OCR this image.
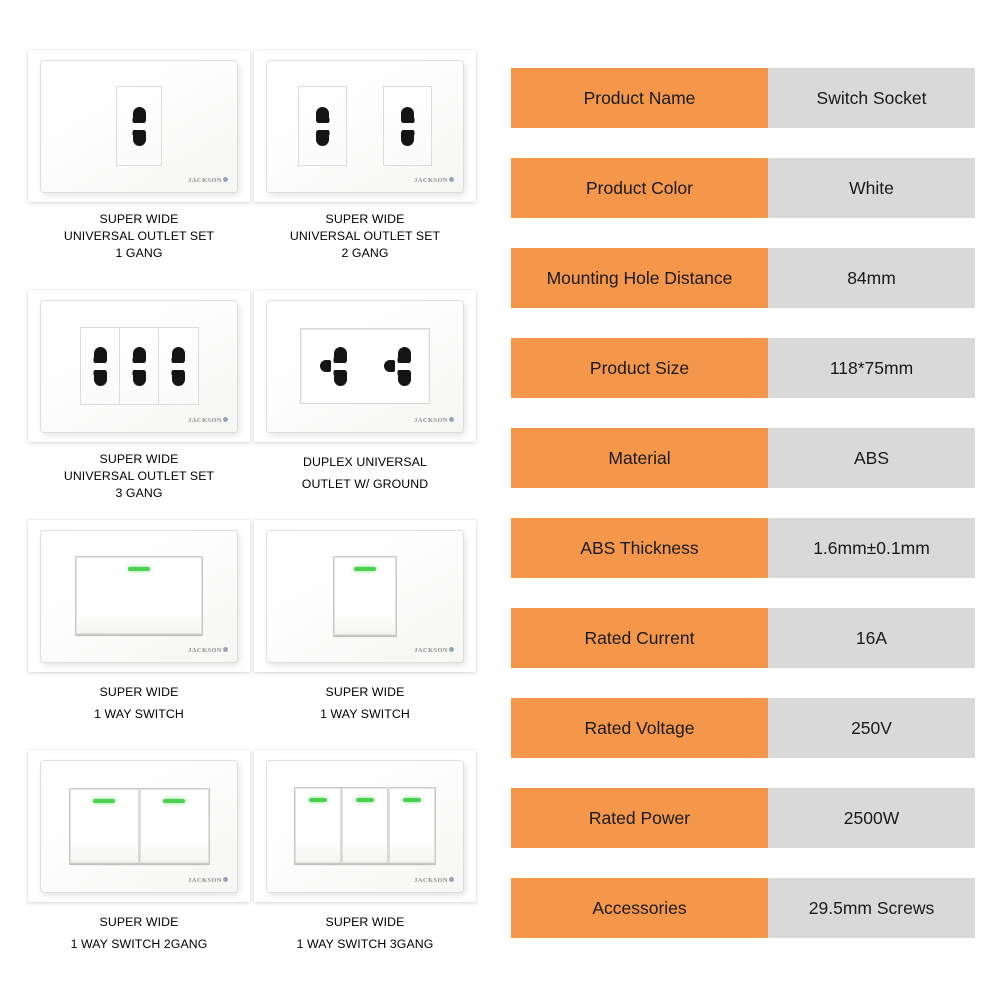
JACKSON
SUPER WIDE
UNIVERSAL OUTLET SET
1 GANG
JACKSON
SUPER WIDE
UNIVERSAL OUTLET SET
2 GANG
JACKSON
SUPER WIDE
UNIVERSAL OUTLET SET
3 GANG
JACKSON
DUPLEX UNIVERSAL
OUTLET W/ GROUND
JACKSON
SUPER WIDE
1 WAY SWITCH
JACKSON
SUPER WIDE
1 WAY SWITCH
JACKSON
SUPER WIDE
1 WAY SWITCH 2GANG
JACKSON
SUPER WIDE
1 WAY SWITCH 3GANG
Product Name	Switch Socket
Product Color	White
Mounting Hole Distance	84mm
Product Size	118*75mm
Material	ABS
ABS Thickness	1.6mm±0.1mm
Rated Current	16A
Rated Voltage	250V
Rated Power	2500W
Accessories	29.5mm Screws
